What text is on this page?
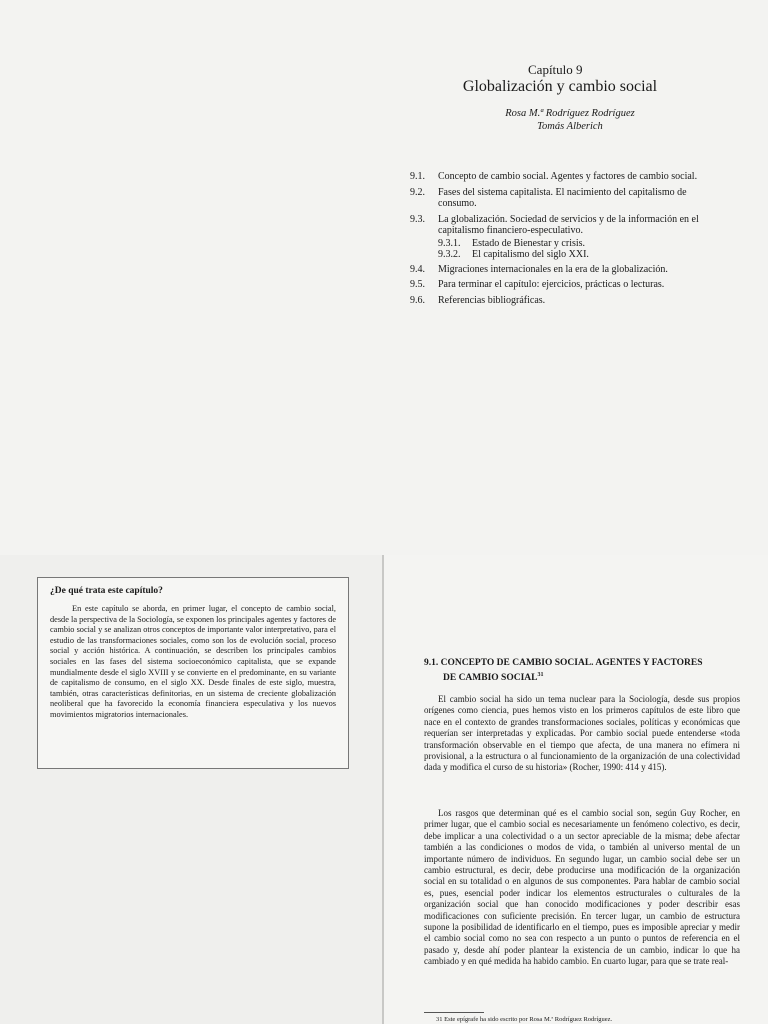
Capítulo 9
Globalización y cambio social
Rosa M.ª Rodríguez Rodríguez
Tomás Alberich
9.1.	Concepto de cambio social. Agentes y factores de cambio social.
9.2.	Fases del sistema capitalista. El nacimiento del capitalismo de consumo.
9.3.	La globalización. Sociedad de servicios y de la información en el capitalismo financiero-especulativo.
9.3.1.	Estado de Bienestar y crisis.
9.3.2.	El capitalismo del siglo XXI.
9.4.	Migraciones internacionales en la era de la globalización.
9.5.	Para terminar el capítulo: ejercicios, prácticas o lecturas.
9.6.	Referencias bibliográficas.
¿De qué trata este capítulo?
En este capítulo se aborda, en primer lugar, el concepto de cambio social, desde la perspectiva de la Sociología, se exponen los principales agentes y factores de cambio social y se analizan otros conceptos de importante valor interpretativo, para el estudio de las transformaciones sociales, como son los de evolución social, proceso social y acción histórica. A continuación, se describen los principales cambios sociales en las fases del sistema socioeconómico capitalista, que se expande mundialmente desde el siglo XVIII y se convierte en el predominante, en su variante de capitalismo de consumo, en el siglo XX. Desde finales de este siglo, muestra, también, otras características definitorias, en un sistema de creciente globalización neoliberal que ha favorecido la economía financiera especulativa y los nuevos movimientos migratorios internacionales.
9.1. CONCEPTO DE CAMBIO SOCIAL. AGENTES Y FACTORES
DE CAMBIO SOCIAL$^{31}$
El cambio social ha sido un tema nuclear para la Sociología, desde sus propios orígenes como ciencia, pues hemos visto en los primeros capítulos de este libro que nace en el contexto de grandes transformaciones sociales, políticas y económicas que requerían ser interpretadas y explicadas. Por cambio social puede entenderse «toda transformación observable en el tiempo que afecta, de una manera no efímera ni provisional, a la estructura o al funcionamiento de la organización de una colectividad dada y modifica el curso de su historia» (Rocher, 1990: 414 y 415).
Los rasgos que determinan qué es el cambio social son, según Guy Rocher, en primer lugar, que el cambio social es necesariamente un fenómeno colectivo, es decir, debe implicar a una colectividad o a un sector apreciable de la misma; debe afectar también a las condiciones o modos de vida, o también al universo mental de un importante número de individuos. En segundo lugar, un cambio social debe ser un cambio estructural, es decir, debe producirse una modificación de la organización social en su totalidad o en algunos de sus componentes. Para hablar de cambio social es, pues, esencial poder indicar los elementos estructurales o culturales de la organización social que han conocido modificaciones y poder describir esas modificaciones con suficiente precisión. En tercer lugar, un cambio de estructura supone la posibilidad de identificarlo en el tiempo, pues es imposible apreciar y medir el cambio social como no sea con respecto a un punto o puntos de referencia en el pasado y, desde ahí poder plantear la existencia de un cambio, indicar lo que ha cambiado y en qué medida ha habido cambio. En cuarto lugar, para que se trate real-
31 Este epígrafe ha sido escrito por Rosa M.ª Rodríguez Rodríguez.
